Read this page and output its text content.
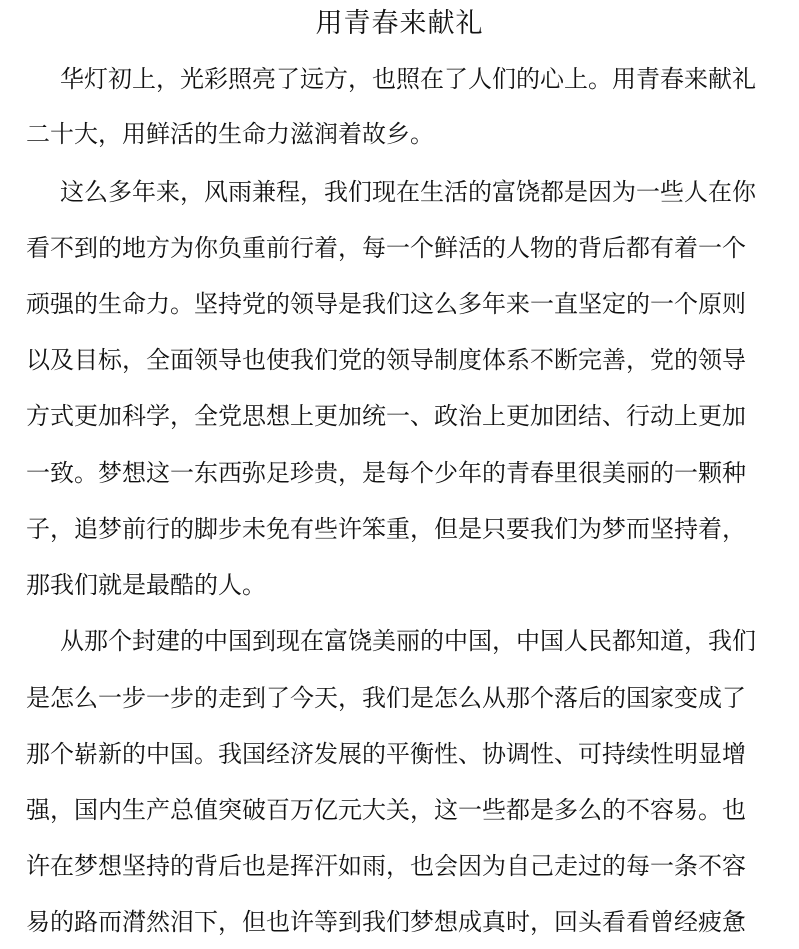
用青春来献礼

华灯初上，光彩照亮了远方，也照在了人们的心上。用青春来献礼

二十大，用鲜活的生命力滋润着故乡。

这么多年来，风雨兼程，我们现在生活的富饶都是因为一些人在你

看不到的地方为你负重前行着，每一个鲜活的人物的背后都有着一个

顽强的生命力。坚持党的领导是我们这么多年来一直坚定的一个原则

以及目标，全面领导也使我们党的领导制度体系不断完善，党的领导

方式更加科学，全党思想上更加统一、政治上更加团结、行动上更加

一致。梦想这一东西弥足珍贵，是每个少年的青春里很美丽的一颗种

子，追梦前行的脚步未免有些许笨重，但是只要我们为梦而坚持着，

那我们就是最酷的人。

从那个封建的中国到现在富饶美丽的中国，中国人民都知道，我们

是怎么一步一步的走到了今天，我们是怎么从那个落后的国家变成了

那个崭新的中国。我国经济发展的平衡性、协调性、可持续性明显增

强，国内生产总值突破百万亿元大关，这一些都是多么的不容易。也

许在梦想坚持的背后也是挥汗如雨，也会因为自己走过的每一条不容

易的路而潸然泪下，但也许等到我们梦想成真时，回头看看曾经疲惫
